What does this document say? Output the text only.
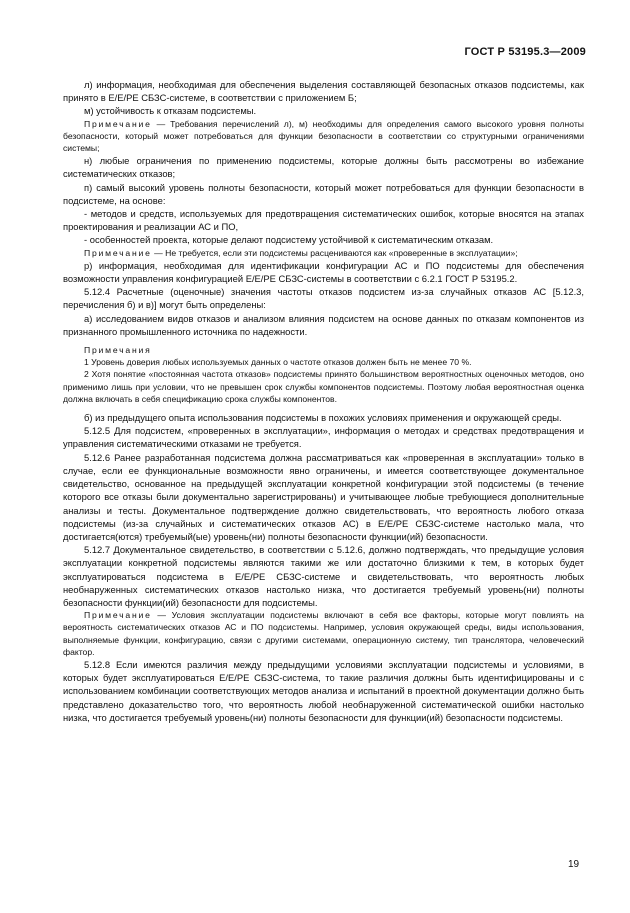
ГОСТ Р 53195.3—2009

л) информация, необходимая для обеспечения выделения составляющей безопасных отказов подсистемы, как принято в Е/Е/РЕ СБЗС-системе, в соответствии с приложением Б;

м) устойчивость к отказам подсистемы.

Примечание — Требования перечислений л), м) необходимы для определения самого высокого уровня полноты безопасности, который может потребоваться для функции безопасности в соответствии со структурными ограничениями системы;

н) любые ограничения по применению подсистемы, которые должны быть рассмотрены во избежание систематических отказов;

п) самый высокий уровень полноты безопасности, который может потребоваться для функции безопасности в подсистеме, на основе:

- методов и средств, используемых для предотвращения систематических ошибок, которые вносятся на этапах проектирования и реализации АС и ПО,

- особенностей проекта, которые делают подсистему устойчивой к систематическим отказам.

Примечание — Не требуется, если эти подсистемы расцениваются как «проверенные в эксплуатации»;

р) информация, необходимая для идентификации конфигурации АС и ПО подсистемы для обеспечения возможности управления конфигурацией Е/Е/РЕ СБЗС-системы в соответствии с 6.2.1 ГОСТ Р 53195.2.

5.12.4 Расчетные (оценочные) значения частоты отказов подсистем из-за случайных отказов АС [5.12.3, перечисления б) и в)] могут быть определены:

а) исследованием видов отказов и анализом влияния подсистем на основе данных по отказам компонентов из признанного промышленного источника по надежности.

Примечания

1 Уровень доверия любых используемых данных о частоте отказов должен быть не менее 70 %.

2 Хотя понятие «постоянная частота отказов» подсистемы принято большинством вероятностных оценочных методов, оно применимо лишь при условии, что не превышен срок службы компонентов подсистемы. Поэтому любая вероятностная оценка должна включать в себя спецификацию срока службы компонентов.

б) из предыдущего опыта использования подсистемы в похожих условиях применения и окружающей среды.

5.12.5 Для подсистем, «проверенных в эксплуатации», информация о методах и средствах предотвращения и управления систематическими отказами не требуется.

5.12.6 Ранее разработанная подсистема должна рассматриваться как «проверенная в эксплуатации» только в случае, если ее функциональные возможности явно ограничены, и имеется соответствующее документальное свидетельство, основанное на предыдущей эксплуатации конкретной конфигурации этой подсистемы (в течение которого все отказы были документально зарегистрированы) и учитывающее любые требующиеся дополнительные анализы и тесты. Документальное подтверждение должно свидетельствовать, что вероятность любого отказа подсистемы (из-за случайных и систематических отказов АС) в Е/Е/РЕ СБЗС-системе настолько мала, что достигается(ются) требуемый(ые) уровень(ни) полноты безопасности функции(ий) безопасности.

5.12.7 Документальное свидетельство, в соответствии с 5.12.6, должно подтверждать, что предыдущие условия эксплуатации конкретной подсистемы являются такими же или достаточно близкими к тем, в которых будет эксплуатироваться подсистема в Е/Е/РЕ СБЗС-системе и свидетельствовать, что вероятность любых необнаруженных систематических отказов настолько низка, что достигается требуемый уровень(ни) полноты безопасности функции(ий) безопасности для подсистемы.

Примечание — Условия эксплуатации подсистемы включают в себя все факторы, которые могут повлиять на вероятность систематических отказов АС и ПО подсистемы. Например, условия окружающей среды, виды использования, выполняемые функции, конфигурацию, связи с другими системами, операционную систему, тип транслятора, человеческий фактор.

5.12.8 Если имеются различия между предыдущими условиями эксплуатации подсистемы и условиями, в которых будет эксплуатироваться Е/Е/РЕ СБЗС-система, то такие различия должны быть идентифицированы и с использованием комбинации соответствующих методов анализа и испытаний в проектной документации должно быть представлено доказательство того, что вероятность любой необнаруженной систематической ошибки настолько низка, что достигается требуемый уровень(ни) полноты безопасности для функции(ий) безопасности подсистемы.

19
